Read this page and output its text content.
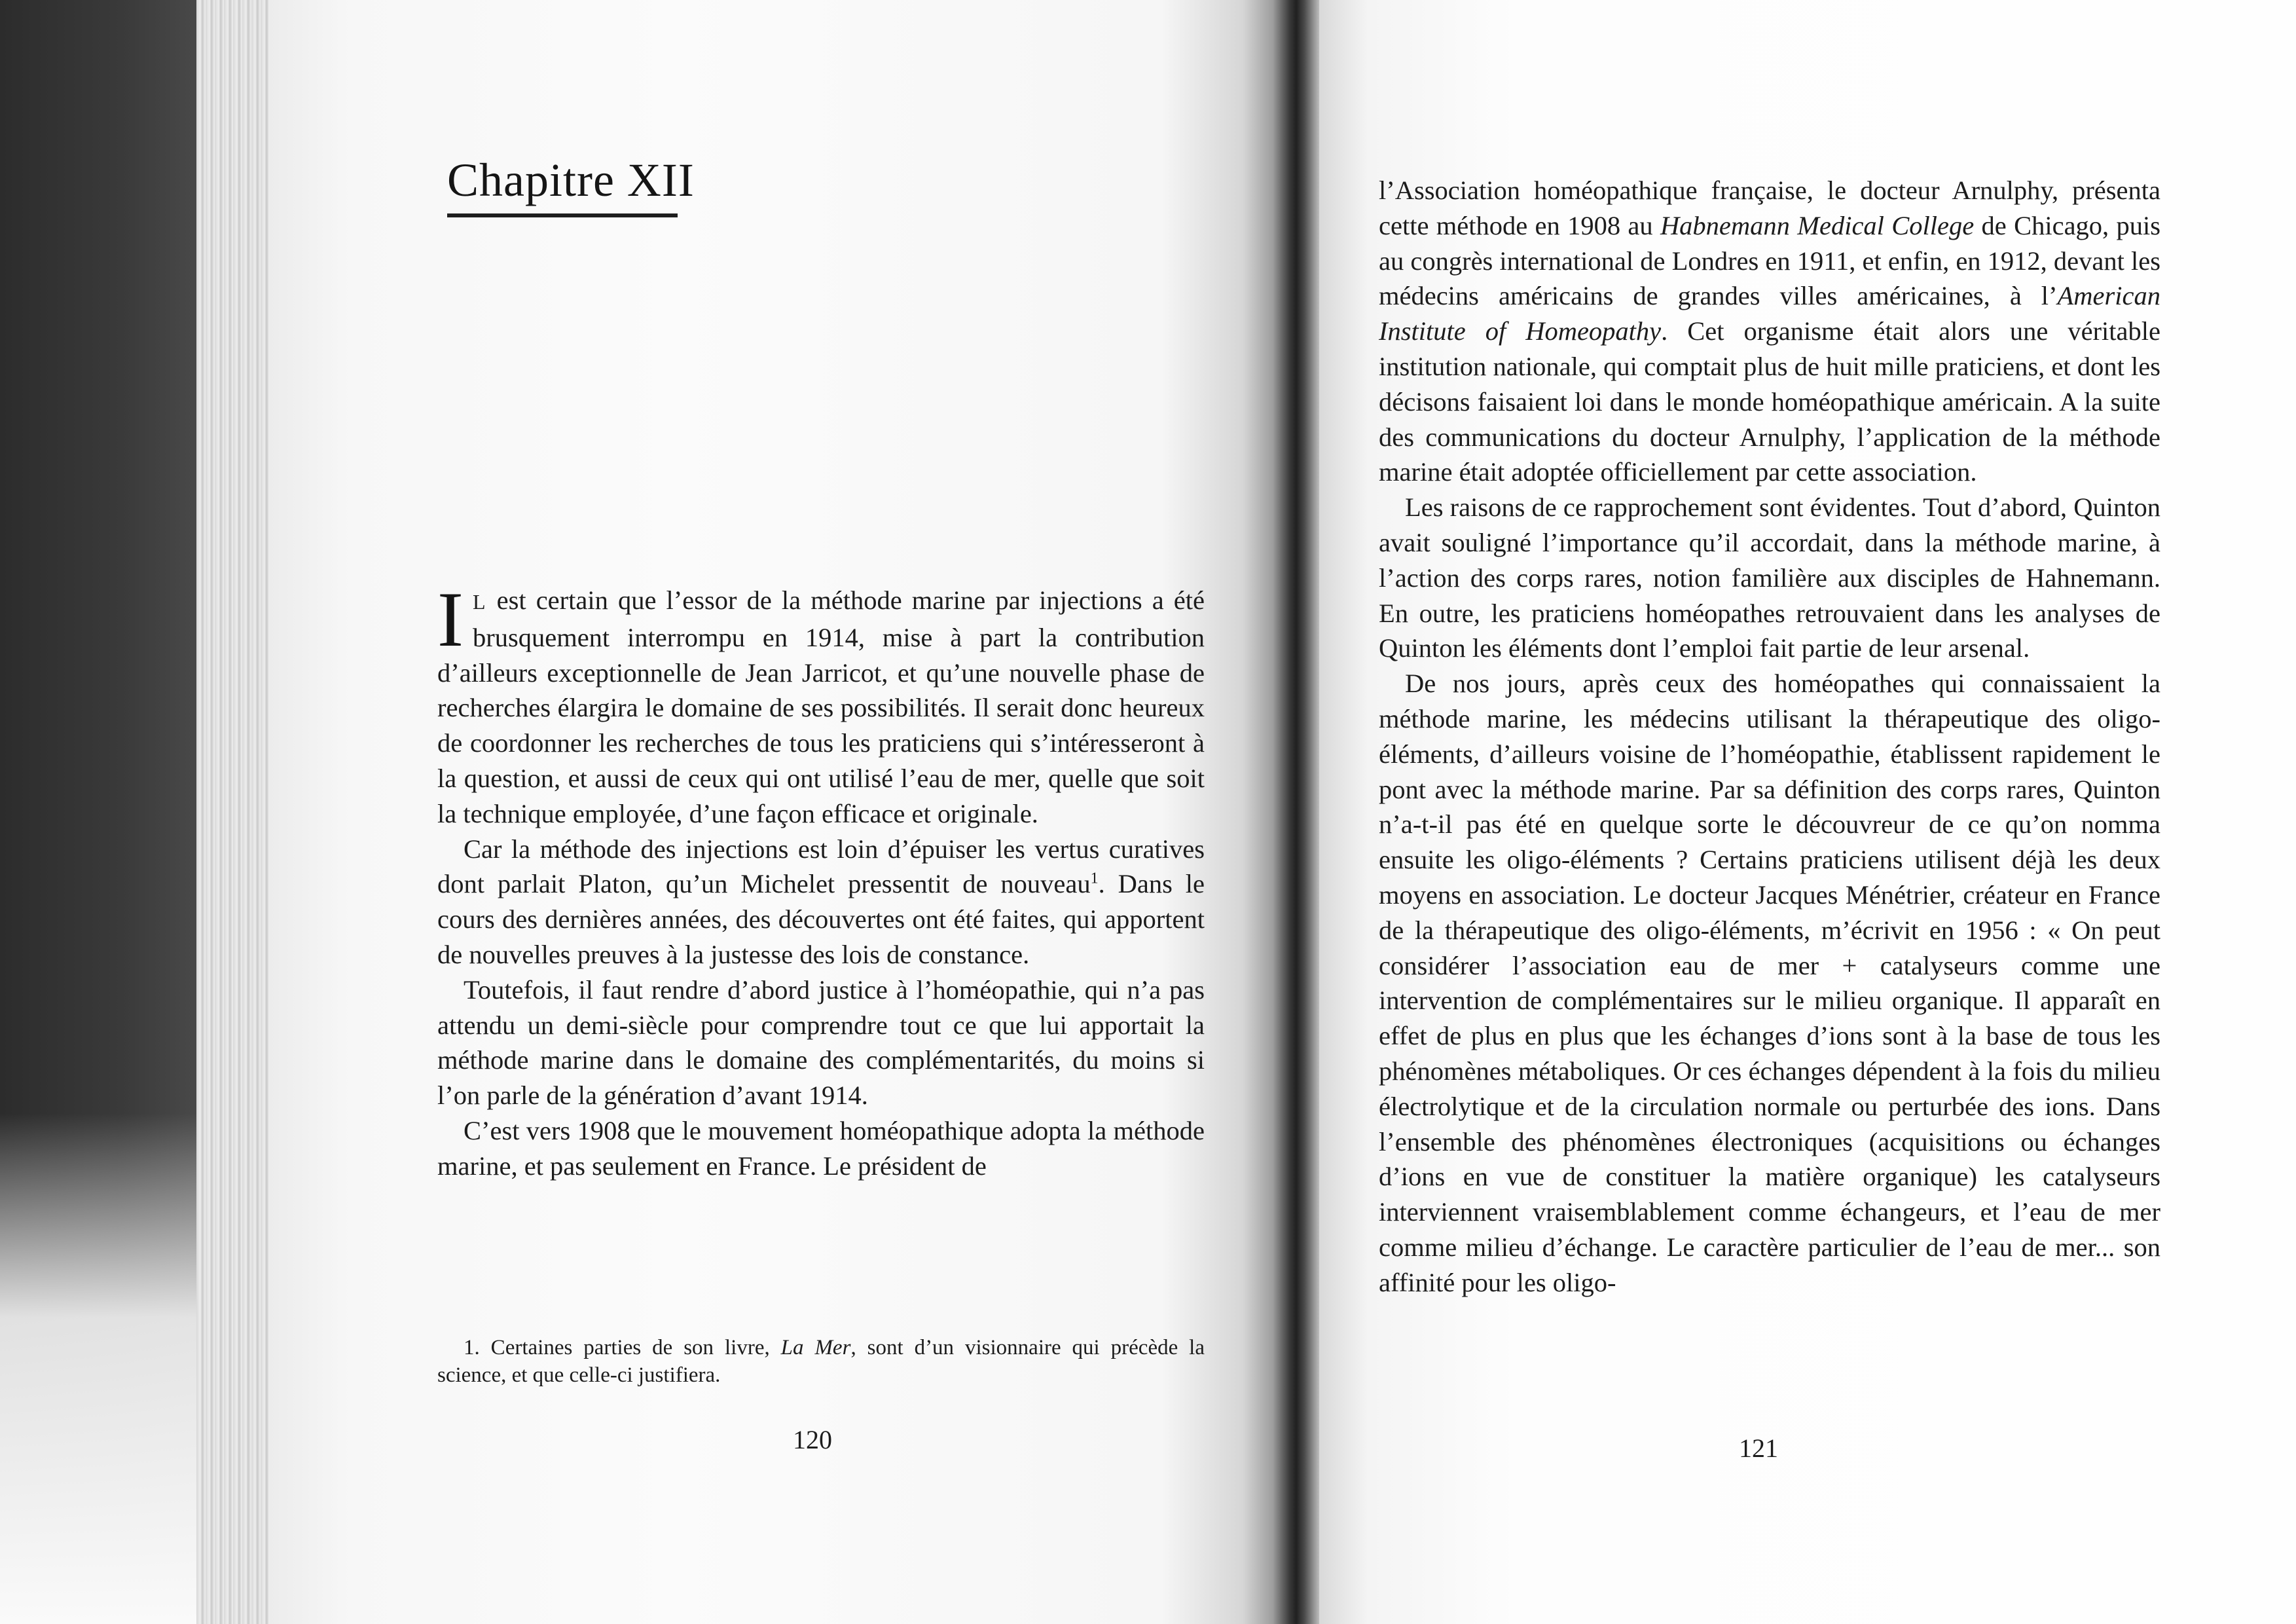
Chapitre XII

I L est certain que l’essor de la méthode marine par injections a été brusquement interrompu en 1914, mise à part la contribution d’ailleurs exceptionnelle de Jean Jarricot, et qu’une nouvelle phase de recherches élargira le domaine de ses possibilités. Il serait donc heureux de coordonner les recherches de tous les praticiens qui s’intéresseront à la question, et aussi de ceux qui ont utilisé l’eau de mer, quelle que soit la technique employée, d’une façon efficace et originale.

Car la méthode des injections est loin d’épuiser les vertus curatives dont parlait Platon, qu’un Michelet pressentit de nouveau$^1$. Dans le cours des dernières années, des découvertes ont été faites, qui apportent de nouvelles preuves à la justesse des lois de constance.

Toutefois, il faut rendre d’abord justice à l’homéopathie, qui n’a pas attendu un demi-siècle pour comprendre tout ce que lui apportait la méthode marine dans le domaine des complémentarités, du moins si l’on parle de la génération d’avant 1914.

C’est vers 1908 que le mouvement homéopathique adopta la méthode marine, et pas seulement en France. Le président de

1. Certaines parties de son livre, La Mer, sont d’un visionnaire qui précède la science, et que celle-ci justifiera.

120

l’Association homéopathique française, le docteur Arnulphy, présenta cette méthode en 1908 au Habnemann Medical College de Chicago, puis au congrès international de Londres en 1911, et enfin, en 1912, devant les médecins américains de grandes villes américaines, à l’American Institute of Homeopathy. Cet organisme était alors une véritable institution nationale, qui comptait plus de huit mille praticiens, et dont les décisons faisaient loi dans le monde homéopathique américain. A la suite des communications du docteur Arnulphy, l’application de la méthode marine était adoptée officiellement par cette association.

Les raisons de ce rapprochement sont évidentes. Tout d’abord, Quinton avait souligné l’importance qu’il accordait, dans la méthode marine, à l’action des corps rares, notion familière aux disciples de Hahnemann. En outre, les praticiens homéopathes retrouvaient dans les analyses de Quinton les éléments dont l’emploi fait partie de leur arsenal.

De nos jours, après ceux des homéopathes qui connaissaient la méthode marine, les médecins utilisant la thérapeutique des oligo-éléments, d’ailleurs voisine de l’homéopathie, établissent rapidement le pont avec la méthode marine. Par sa définition des corps rares, Quinton n’a-t-il pas été en quelque sorte le découvreur de ce qu’on nomma ensuite les oligo-éléments ? Certains praticiens utilisent déjà les deux moyens en association. Le docteur Jacques Ménétrier, créateur en France de la thérapeutique des oligo-éléments, m’écrivit en 1956 : « On peut considérer l’association eau de mer + catalyseurs comme une intervention de complémentaires sur le milieu organique. Il apparaît en effet de plus en plus que les échanges d’ions sont à la base de tous les phénomènes métaboliques. Or ces échanges dépendent à la fois du milieu électrolytique et de la circulation normale ou perturbée des ions. Dans l’ensemble des phénomènes électroniques (acquisitions ou échanges d’ions en vue de constituer la matière organique) les catalyseurs interviennent vraisemblablement comme échangeurs, et l’eau de mer comme milieu d’échange. Le caractère particulier de l’eau de mer... son affinité pour les oligo-

121
